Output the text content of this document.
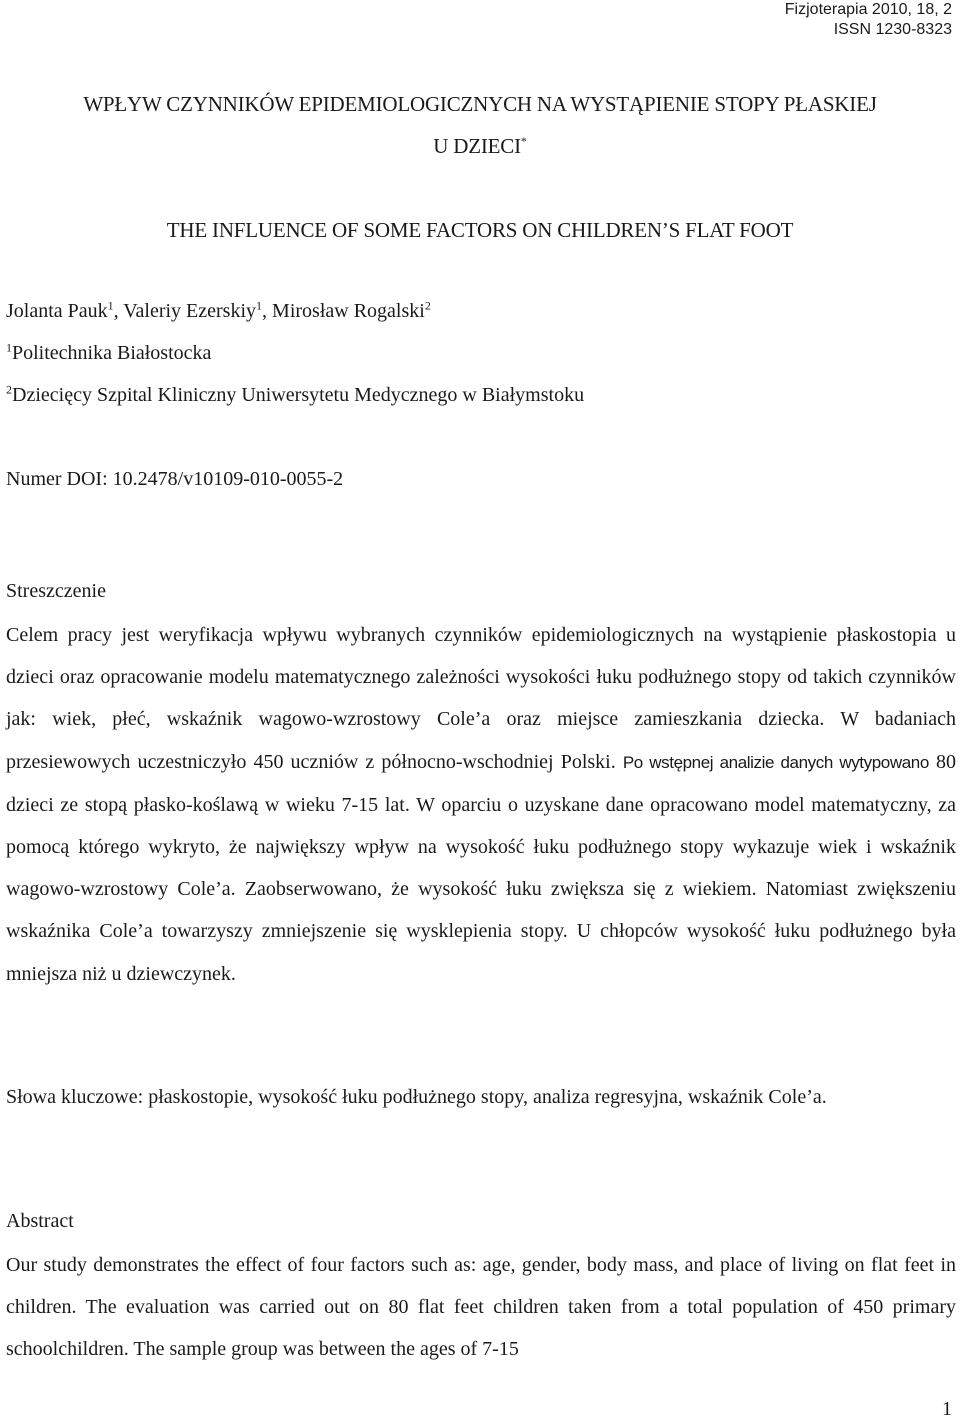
Fizjoterapia 2010, 18, 2
ISSN 1230-8323
WPŁYW CZYNNIKÓW EPIDEMIOLOGICZNYCH NA WYSTĄPIENIE STOPY PŁASKIEJ
U DZIECI*
THE INFLUENCE OF SOME FACTORS ON CHILDREN’S FLAT FOOT
Jolanta Pauk$^1$, Valeriy Ezerskiy$^1$, Mirosław Rogalski$^2$
$^1$Politechnika Białostocka
$^2$Dziecięcy Szpital Kliniczny Uniwersytetu Medycznego w Białymstoku
Numer DOI: 10.2478/v10109-010-0055-2
Streszczenie

Celem pracy jest weryfikacja wpływu wybranych czynników epidemiologicznych na wystąpienie płaskostopia u dzieci oraz opracowanie modelu matematycznego zależności wysokości łuku podłużnego stopy od takich czynników jak: wiek, płeć, wskaźnik wagowo-wzrostowy Cole’a oraz miejsce zamieszkania dziecka. W badaniach przesiewowych uczestniczyło 450 uczniów z północno-wschodniej Polski. Po wstępnej analizie danych wytypowano 80 dzieci ze stopą płasko-koślawą w wieku 7-15 lat. W oparciu o uzyskane dane opracowano model matematyczny, za pomocą którego wykryto, że największy wpływ na wysokość łuku podłużnego stopy wykazuje wiek i wskaźnik wagowo-wzrostowy Cole’a. Zaobserwowano, że wysokość łuku zwiększa się z wiekiem. Natomiast zwiększeniu wskaźnika Cole’a towarzyszy zmniejszenie się wysklepienia stopy. U chłopców wysokość łuku podłużnego była mniejsza niż u dziewczynek.

Słowa kluczowe: płaskostopie, wysokość łuku podłużnego stopy, analiza regresyjna, wskaźnik Cole’a.

Abstract

Our study demonstrates the effect of four factors such as: age, gender, body mass, and place of living on flat feet in children. The evaluation was carried out on 80 flat feet children taken from a total population of 450 primary schoolchildren. The sample group was between the ages of 7-15

1
